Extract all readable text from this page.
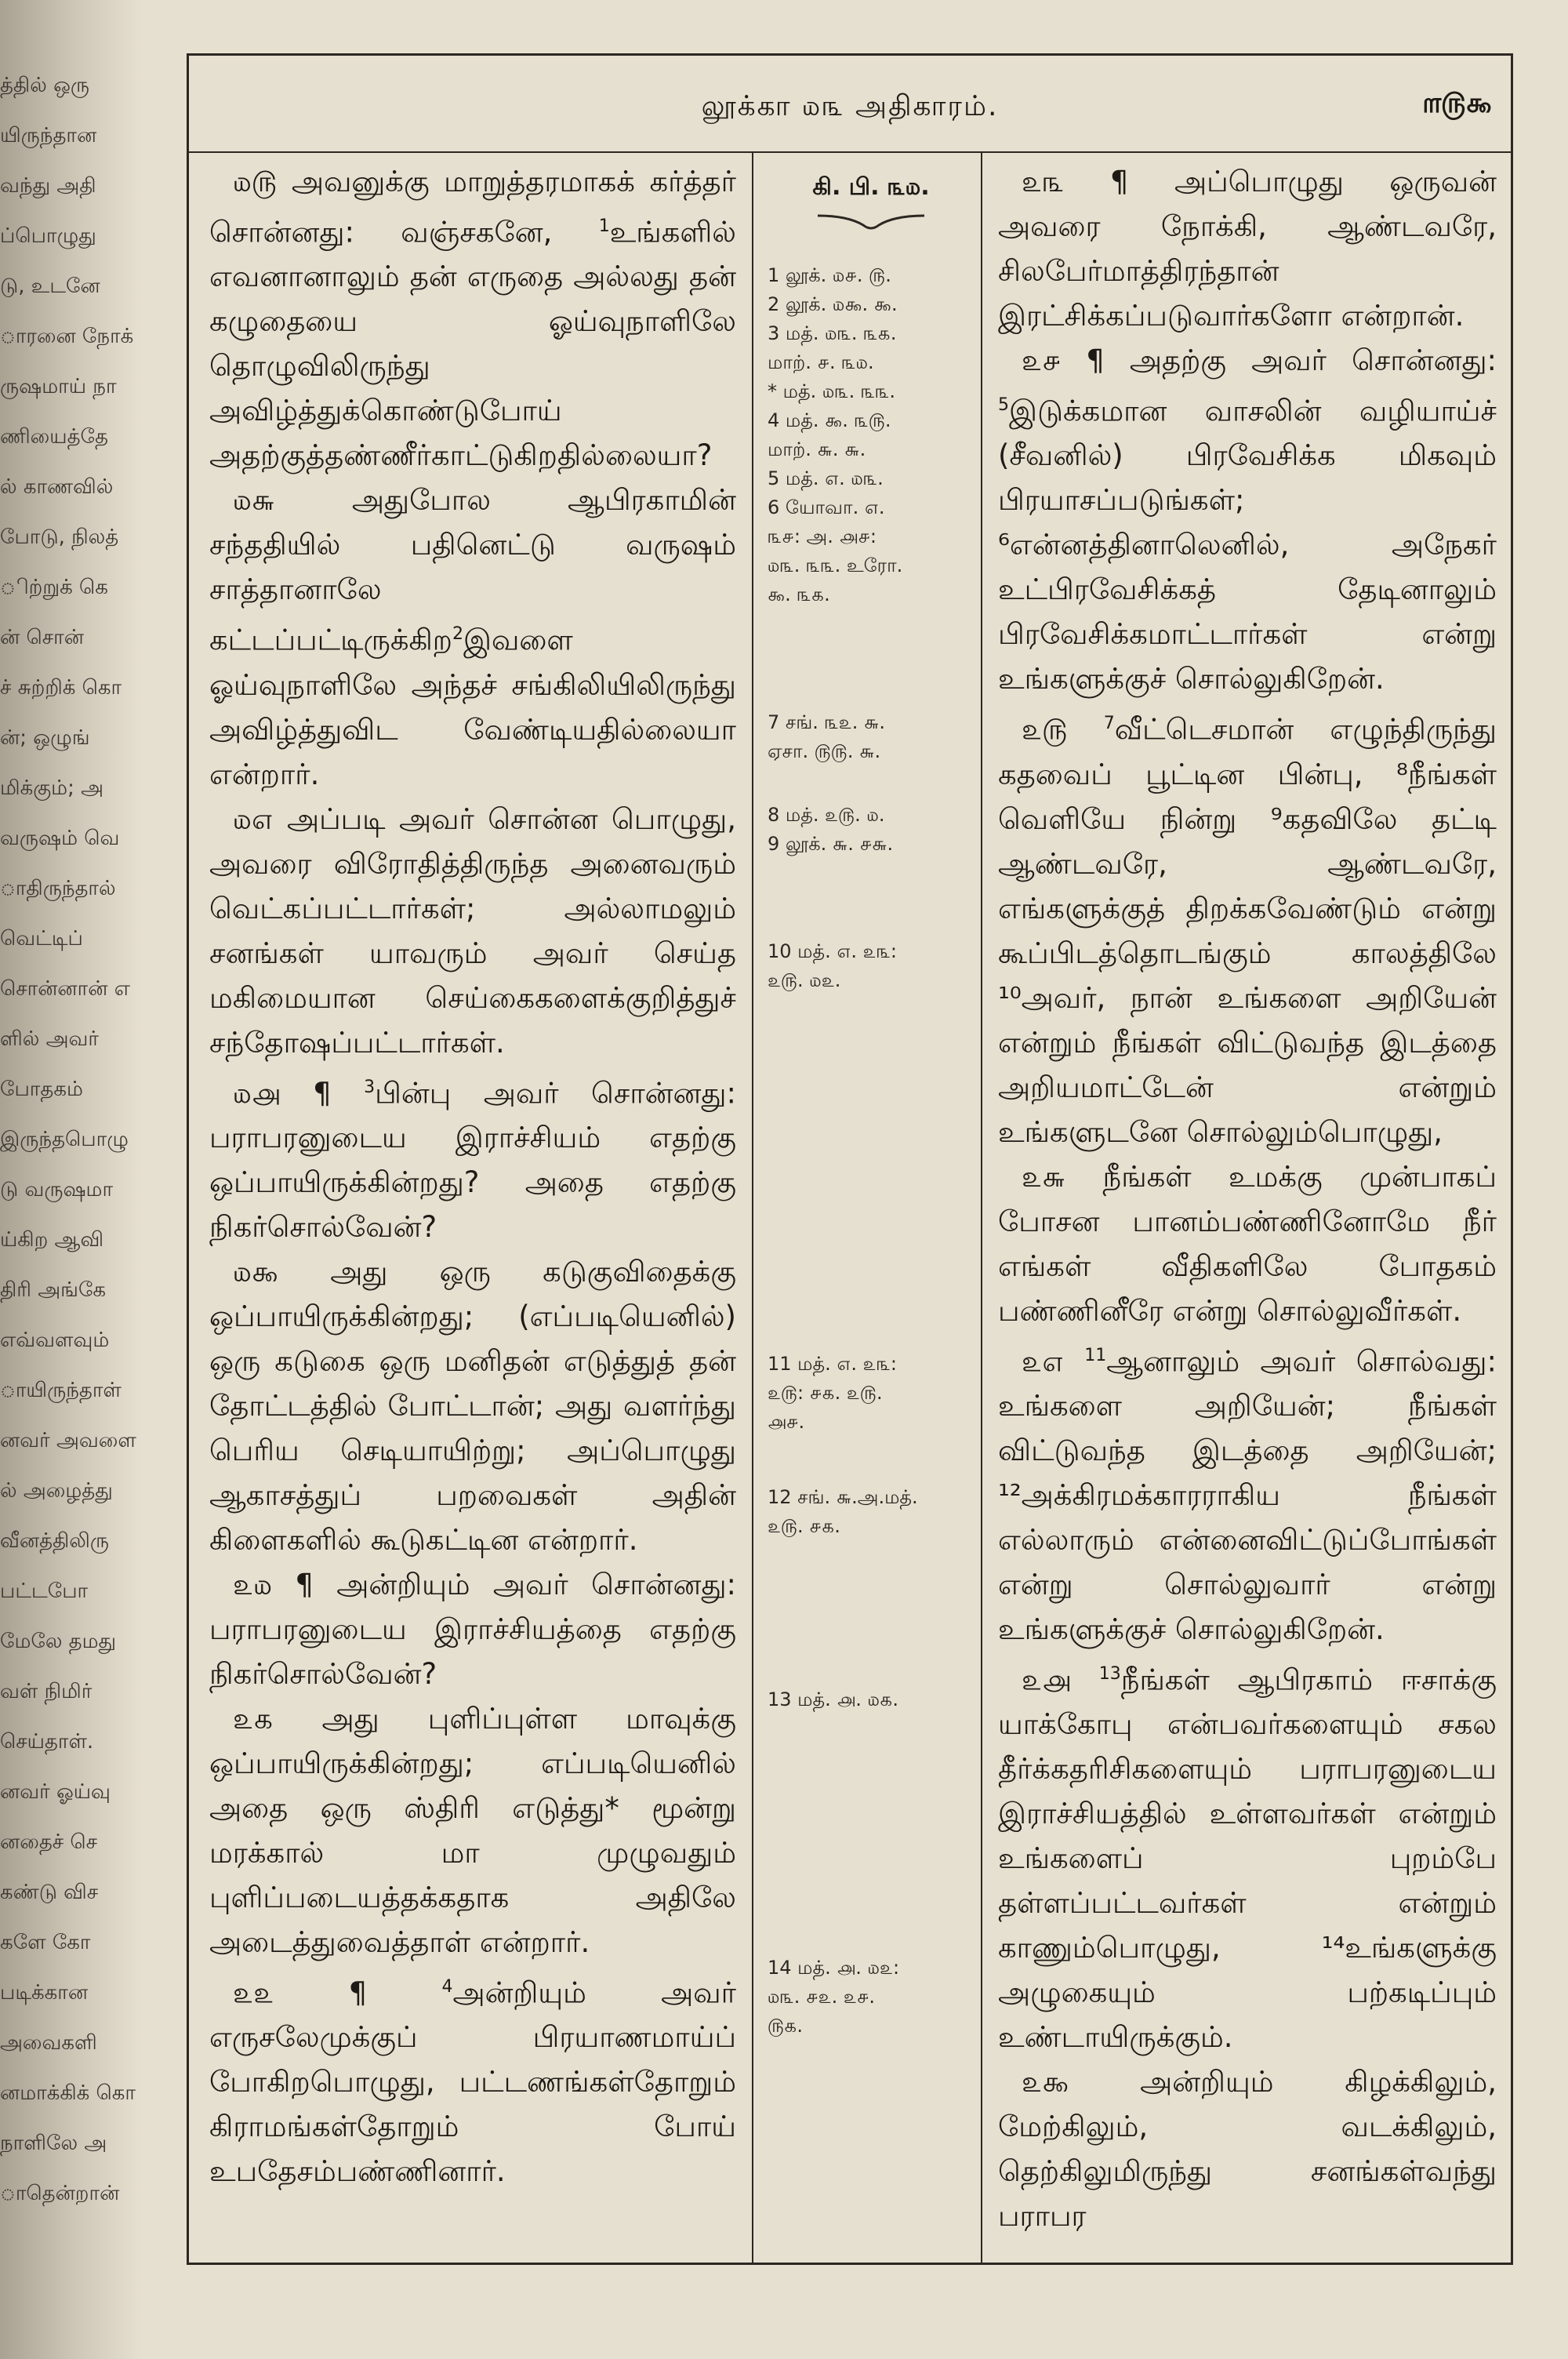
த்தில் ஒரு
யிருந்தான
வந்து அதி
ப்பொழுது
டு, உடனே
ாரனை நோக்
ருஷமாய் நா
ணியைத்தே
ல் காணவில்
போடு, நிலத்
ிற்றுக் கெ
ன் சொன்
ச் சுற்றிக் கொ
ன்; ஒழுங்
மிக்கும்; அ
வருஷம் வெ
ாதிருந்தால்
வெட்டிப்
சொன்னான் எ
ளில் அவர்
போதகம்
இருந்தபொழு
டு வருஷமா
ய்கிற ஆவி
திரி அங்கே
எவ்வளவும்
ாயிருந்தாள்
னவர் அவளை
ல் அழைத்து
வீனத்திலிரு
பட்டபோ
மேலே தமது
வள் நிமிர்
செய்தாள்.
னவர் ஓய்வு
னதைச் செ
கண்டு விச
களே கோ
படிக்கான
அவைகளி
னமாக்கிக் கொ
நாளிலே அ
ாதென்றான்
லூக்கா ௰௩ அதிகாரம்.	௱௫௯

௰௫ அவனுக்கு மாறுத்தரமாகக் கர்த்தர் சொன்னது: வஞ்சகனே, $^1$உங்களில் எவனானாலும் தன் எருதை அல்லது தன் கழுதையை ஓய்வுநாளிலே தொழுவிலிருந்து அவிழ்த்துக்கொண்டுபோய் அதற்குத்தண்ணீர்காட்டுகிறதில்லையா?

௰௬ அதுபோல ஆபிரகாமின் சந்ததியில் பதினெட்டு வருஷம் சாத்தானாலே கட்டப்பட்டிருக்கிற$^2$இவளை ஓய்வுநாளிலே அந்தச் சங்கிலியிலிருந்து அவிழ்த்துவிட வேண்டியதில்லையா என்றார்.

௰௭ அப்படி அவர் சொன்ன பொழுது, அவரை விரோதித்திருந்த அனைவரும் வெட்கப்பட்டார்கள்; அல்லாமலும் சனங்கள் யாவரும் அவர் செய்த மகிமையான செய்கைகளைக்குறித்துச் சந்தோஷப்பட்டார்கள்.

௰௮ ¶ $^3$பின்பு அவர் சொன்னது: பராபரனுடைய இராச்சியம் எதற்கு ஒப்பாயிருக்கின்றது? அதை எதற்கு நிகர்சொல்வேன்?

௰௯ அது ஒரு கடுகுவிதைக்கு ஒப்பாயிருக்கின்றது; (எப்படியெனில்) ஒரு கடுகை ஒரு மனிதன் எடுத்துத் தன் தோட்டத்தில் போட்டான்; அது வளர்ந்து பெரிய செடியாயிற்று; அப்பொழுது ஆகாசத்துப் பறவைகள் அதின் கிளைகளில் கூடுகட்டின என்றார்.

௨௰ ¶ அன்றியும் அவர் சொன்னது: பராபரனுடைய இராச்சியத்தை எதற்கு நிகர்சொல்வேன்?

௨௧ அது புளிப்புள்ள மாவுக்கு ஒப்பாயிருக்கின்றது; எப்படியெனில் அதை ஒரு ஸ்திரி எடுத்து* மூன்று மரக்கால் மா முழுவதும் புளிப்படையத்தக்கதாக அதிலே அடைத்துவைத்தாள் என்றார்.

௨௨ ¶ $^4$அன்றியும் அவர் எருசலேமுக்குப் பிரயாணமாய்ப் போகிறபொழுது, பட்டணங்கள்தோறும் கிராமங்கள்தோறும் போய் உபதேசம்பண்ணினார்.

கி. பி. ௩௰.
1 லூக். ௰௪. ௫.
2 லூக். ௰௯. ௯.
3 மத். ௰௩. ௩௧.
மாற். ௪. ௩௰.
* மத். ௰௩. ௩௩.
4 மத். ௯. ௩௫.
மாற். ௬. ௬.
5 மத். ௭. ௰௩.
6 யோவா. ௭.
௩௪: அ. ௮௪:
௰௩. ௩௩. உரோ.
௯. ௩௧.
7 சங். ௩௨. ௬.
ஏசா. ௫௫. ௬.
8 மத். ௨௫. ௰.
9 லூக். ௬. ௪௬.
10 மத். ௭. ௨௩:
௨௫. ௰௨.
11 மத். ௭. ௨௩:
௨௫: ௪௧. ௨௫.
௮௪.
12 சங். ௬.அ.மத்.
௨௫. ௪௧.
13 மத். ௮. ௰௧.
14 மத். ௮. ௰௨:
௰௩. ௪௨. ௨௪.
௫௧.

௨௩ ¶ அப்பொழுது ஒருவன் அவரை நோக்கி, ஆண்டவரே, சிலபேர்மாத்திரந்தான் இரட்சிக்கப்படுவார்களோ என்றான்.

௨௪ ¶ அதற்கு அவர் சொன்னது: $^5$இடுக்கமான வாசலின் வழியாய்ச் (சீவனில்) பிரவேசிக்க மிகவும் பிரயாசப்படுங்கள்; ⁶என்னத்தினாலெனில், அநேகர் உட்பிரவேசிக்கத் தேடினாலும் பிரவேசிக்கமாட்டார்கள் என்று உங்களுக்குச் சொல்லுகிறேன்.

௨௫ $^7$வீட்டெசமான் எழுந்திருந்து கதவைப் பூட்டின பின்பு, ⁸நீங்கள் வெளியே நின்று ⁹கதவிலே தட்டி ஆண்டவரே, ஆண்டவரே, எங்களுக்குத் திறக்கவேண்டும் என்று கூப்பிடத்தொடங்கும் காலத்திலே ¹⁰அவர், நான் உங்களை அறியேன் என்றும் நீங்கள் விட்டுவந்த இடத்தை அறியமாட்டேன் என்றும் உங்களுடனே சொல்லும்பொழுது,

௨௬ நீங்கள் உமக்கு முன்பாகப் போசன பானம்பண்ணினோமே நீர் எங்கள் வீதிகளிலே போதகம் பண்ணினீரே என்று சொல்லுவீர்கள்.

௨௭ $^{11}$ஆனாலும் அவர் சொல்வது: உங்களை அறியேன்; நீங்கள் விட்டுவந்த இடத்தை அறியேன்; ¹²அக்கிரமக்காரராகிய நீங்கள் எல்லாரும் என்னைவிட்டுப்போங்கள் என்று சொல்லுவார் என்று உங்களுக்குச் சொல்லுகிறேன்.

௨௮ $^{13}$நீங்கள் ஆபிரகாம் ஈசாக்கு யாக்கோபு என்பவர்களையும் சகல தீர்க்கதரிசிகளையும் பராபரனுடைய இராச்சியத்தில் உள்ளவர்கள் என்றும் உங்களைப் புறம்பே தள்ளப்பட்டவர்கள் என்றும் காணும்பொழுது, ¹⁴உங்களுக்கு அழுகையும் பற்கடிப்பும் உண்டாயிருக்கும்.

௨௯ அன்றியும் கிழக்கிலும், மேற்கிலும், வடக்கிலும், தெற்கிலுமிருந்து சனங்கள்வந்து பராபர
